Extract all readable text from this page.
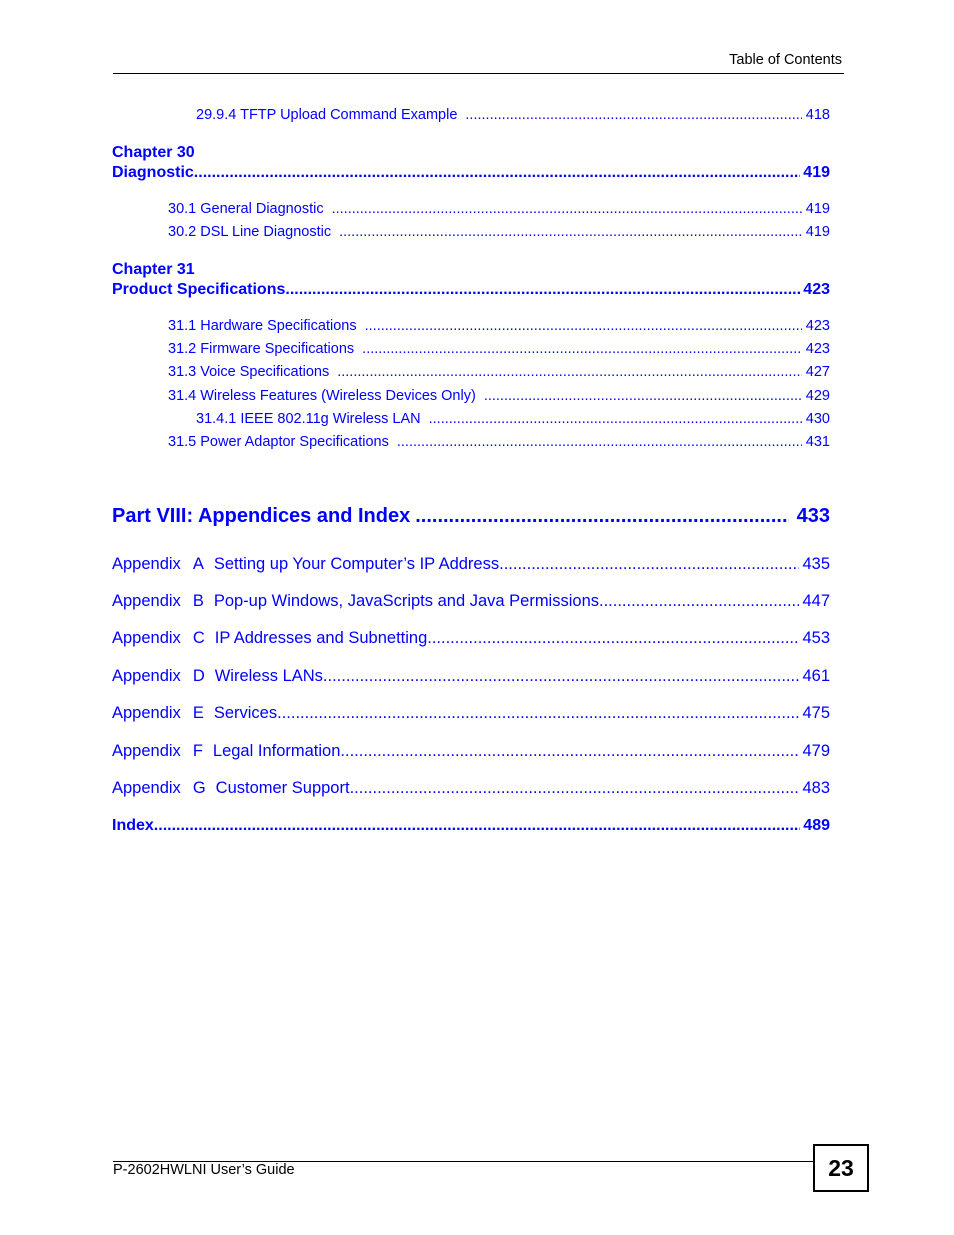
Table of Contents
29.9.4 TFTP Upload Command Example .....	418
Chapter 30
Diagnostic .....	419
30.1 General Diagnostic .....	419
30.2 DSL Line Diagnostic .....	419
Chapter 31
Product Specifications .....	423
31.1 Hardware Specifications .....	423
31.2 Firmware Specifications .....	423
31.3 Voice Specifications .....	427
31.4 Wireless Features (Wireless Devices Only) .....	429
31.4.1 IEEE 802.11g Wireless LAN .....	430
31.5 Power Adaptor Specifications .....	431
Part VIII: Appendices and Index .....	433
Appendix A Setting up Your Computer’s IP Address .....	435
Appendix B Pop-up Windows, JavaScripts and Java Permissions .....	447
Appendix C IP Addresses and Subnetting .....	453
Appendix D Wireless LANs .....	461
Appendix E Services .....	475
Appendix F Legal Information .....	479
Appendix G Customer Support .....	483
Index .....	489
P-2602HWLNI User’s Guide	23
